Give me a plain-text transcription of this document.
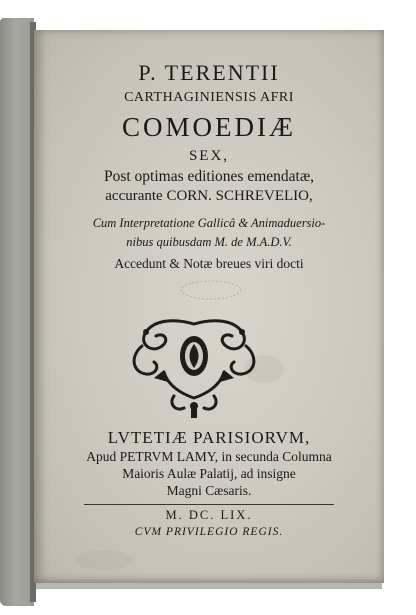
P. TERENTII
CARTHAGINIENSIS AFRI
COMOEDIÆ
SEX,
Post optimas editiones emendatæ,
accurante CORN. SCHREVELIO,
Cum Interpretatione Gallicâ & Animaduersio-
nibus quibusdam M. de M.A.D.V.
Accedunt & Notæ breues viri docti
LVTETIÆ PARISIORVM,
Apud PETRVM LAMY, in secunda Columna
Maioris Aulæ Palatij, ad insigne
Magni Cæsaris.
M. DC. LIX.
CVM PRIVILEGIO REGIS.
